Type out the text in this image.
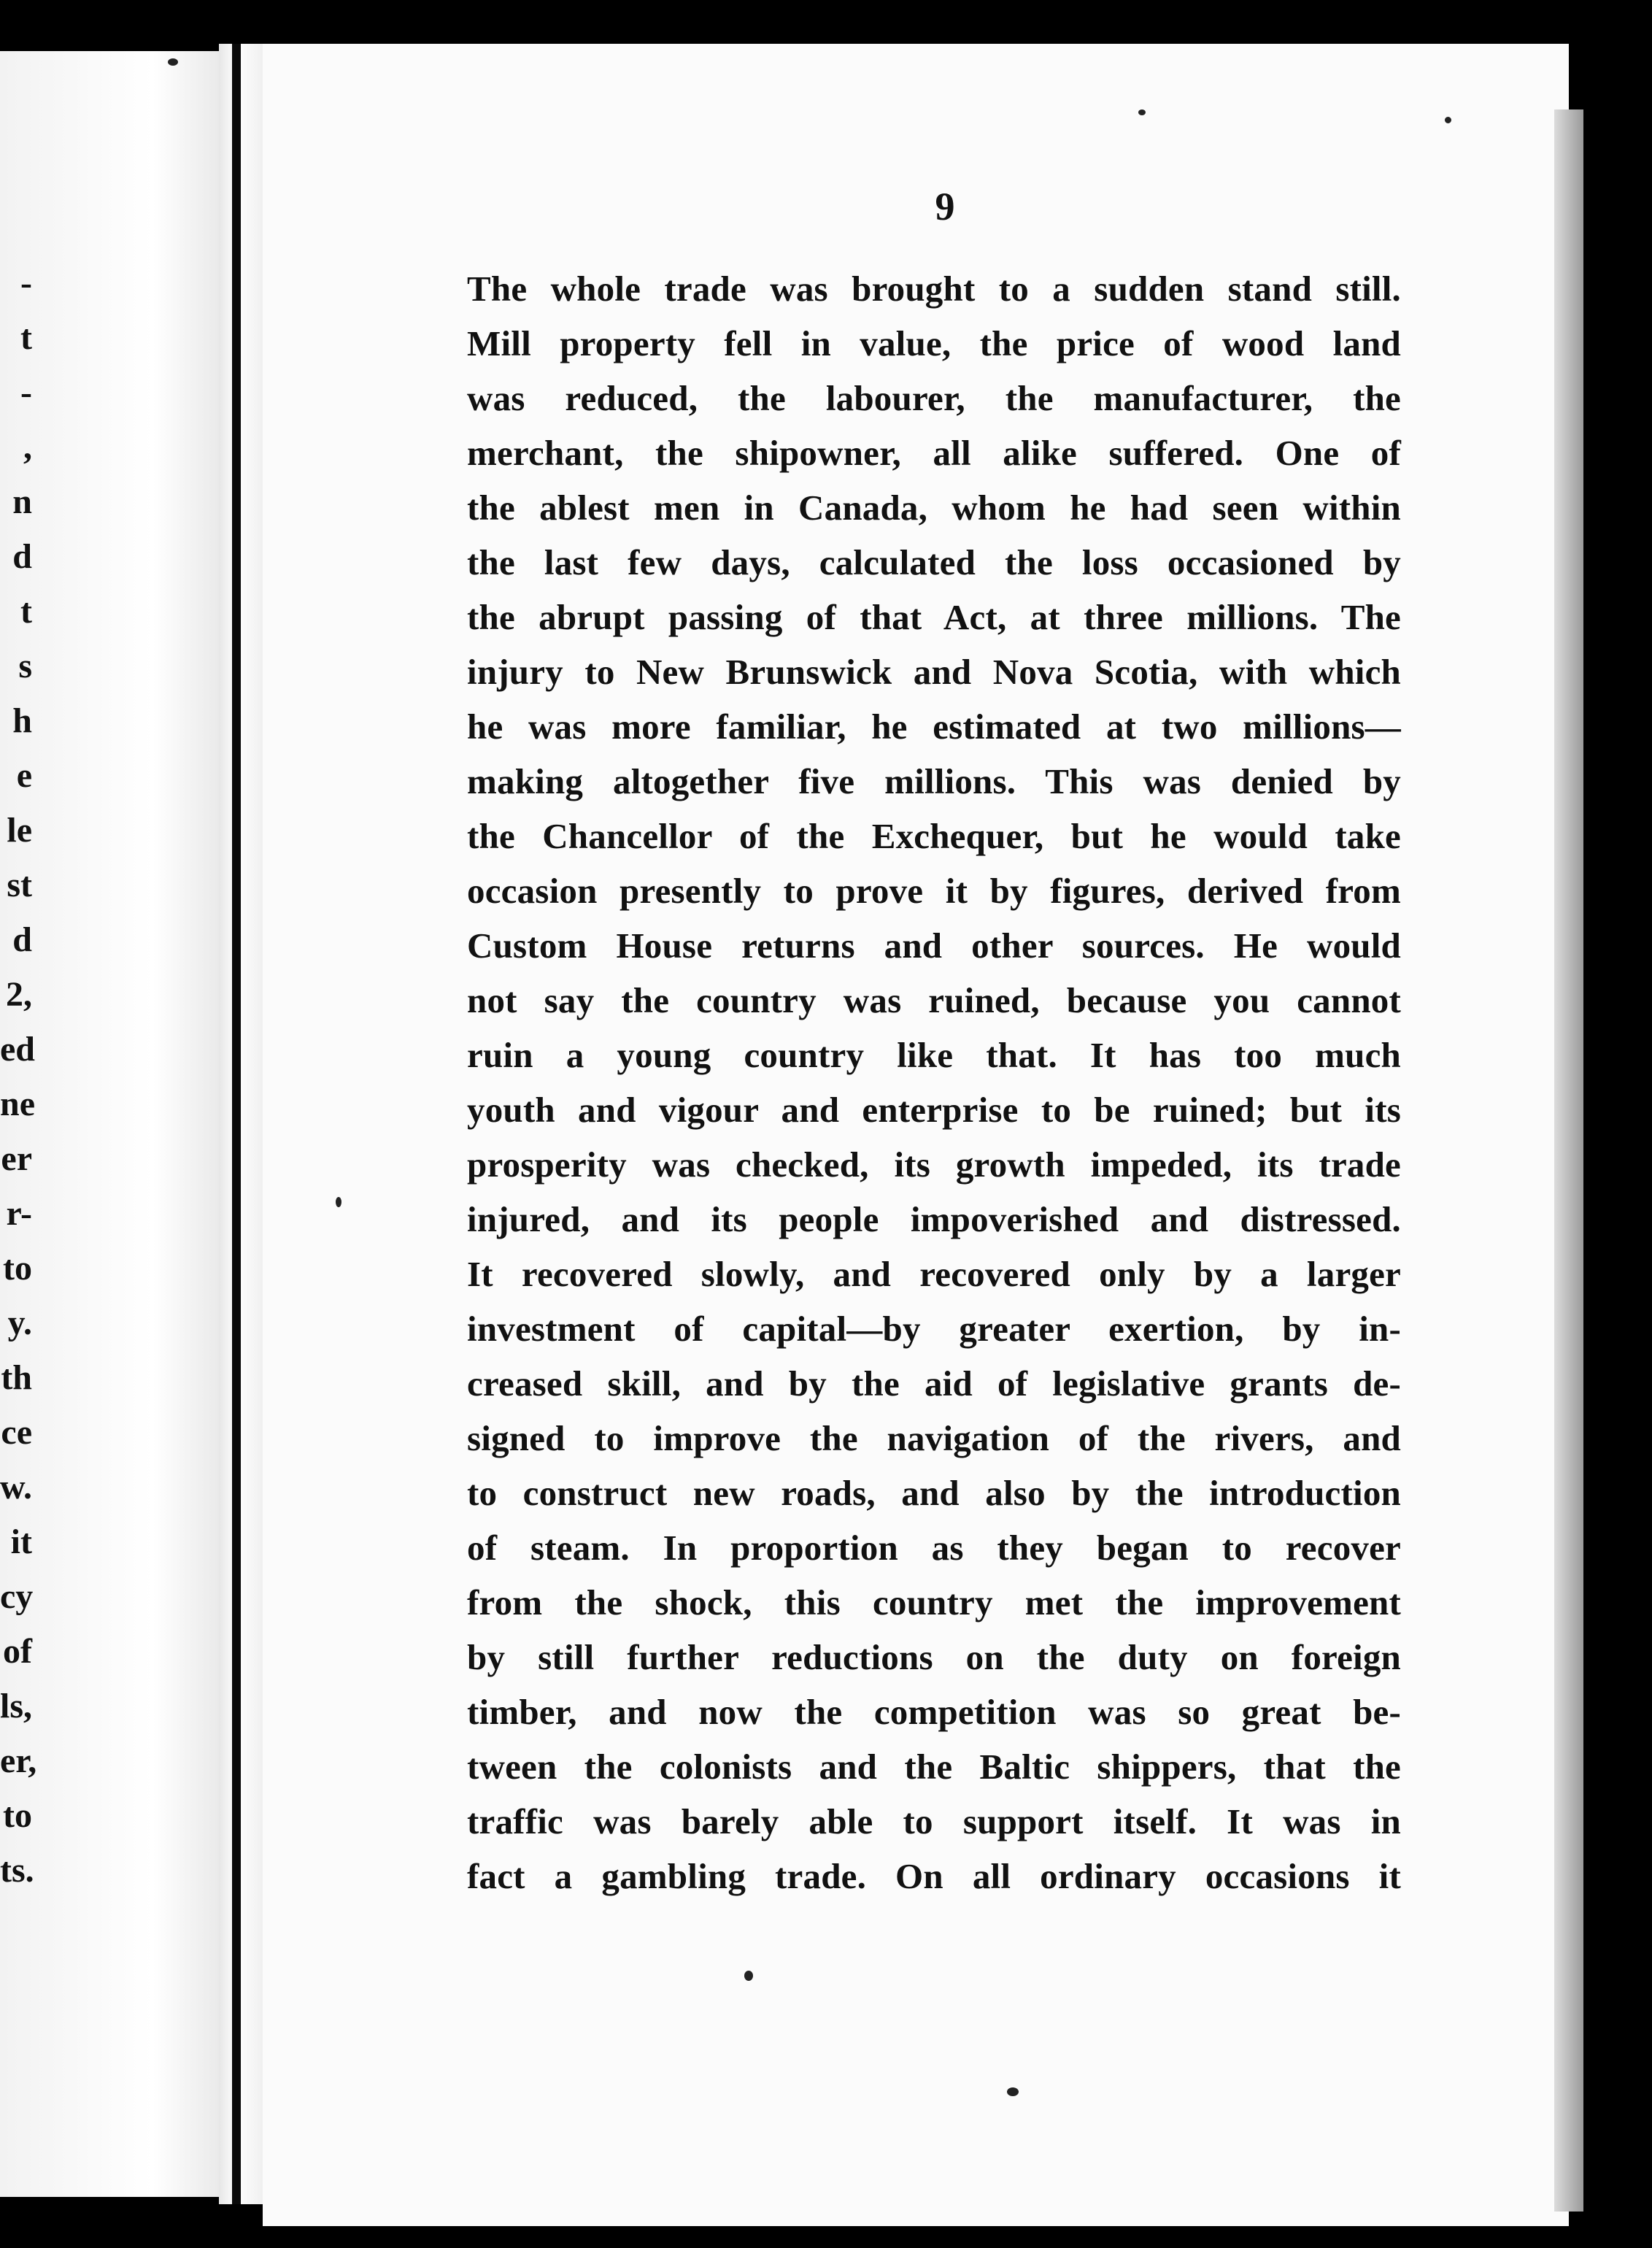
-
t
-
,
n
d
t
s
h
e
le
st
d
2,
ed
ne
er
r-
to
y.
th
ce
w.
it
cy
of
ls,
er,
to
ts.
9
The whole trade was brought to a sudden stand still.
Mill property fell in value, the price of wood land
was reduced, the labourer, the manufacturer, the
merchant, the shipowner, all alike suffered. One of
the ablest men in Canada, whom he had seen within
the last few days, calculated the loss occasioned by
the abrupt passing of that Act, at three millions. The
injury to New Brunswick and Nova Scotia, with which
he was more familiar, he estimated at two millions—
making altogether five millions. This was denied by
the Chancellor of the Exchequer, but he would take
occasion presently to prove it by figures, derived from
Custom House returns and other sources. He would
not say the country was ruined, because you cannot
ruin a young country like that. It has too much
youth and vigour and enterprise to be ruined; but its
prosperity was checked, its growth impeded, its trade
injured, and its people impoverished and distressed.
It recovered slowly, and recovered only by a larger
investment of capital—by greater exertion, by in-
creased skill, and by the aid of legislative grants de-
signed to improve the navigation of the rivers, and
to construct new roads, and also by the introduction
of steam. In proportion as they began to recover
from the shock, this country met the improvement
by still further reductions on the duty on foreign
timber, and now the competition was so great be-
tween the colonists and the Baltic shippers, that the
traffic was barely able to support itself. It was in
fact a gambling trade. On all ordinary occasions it
